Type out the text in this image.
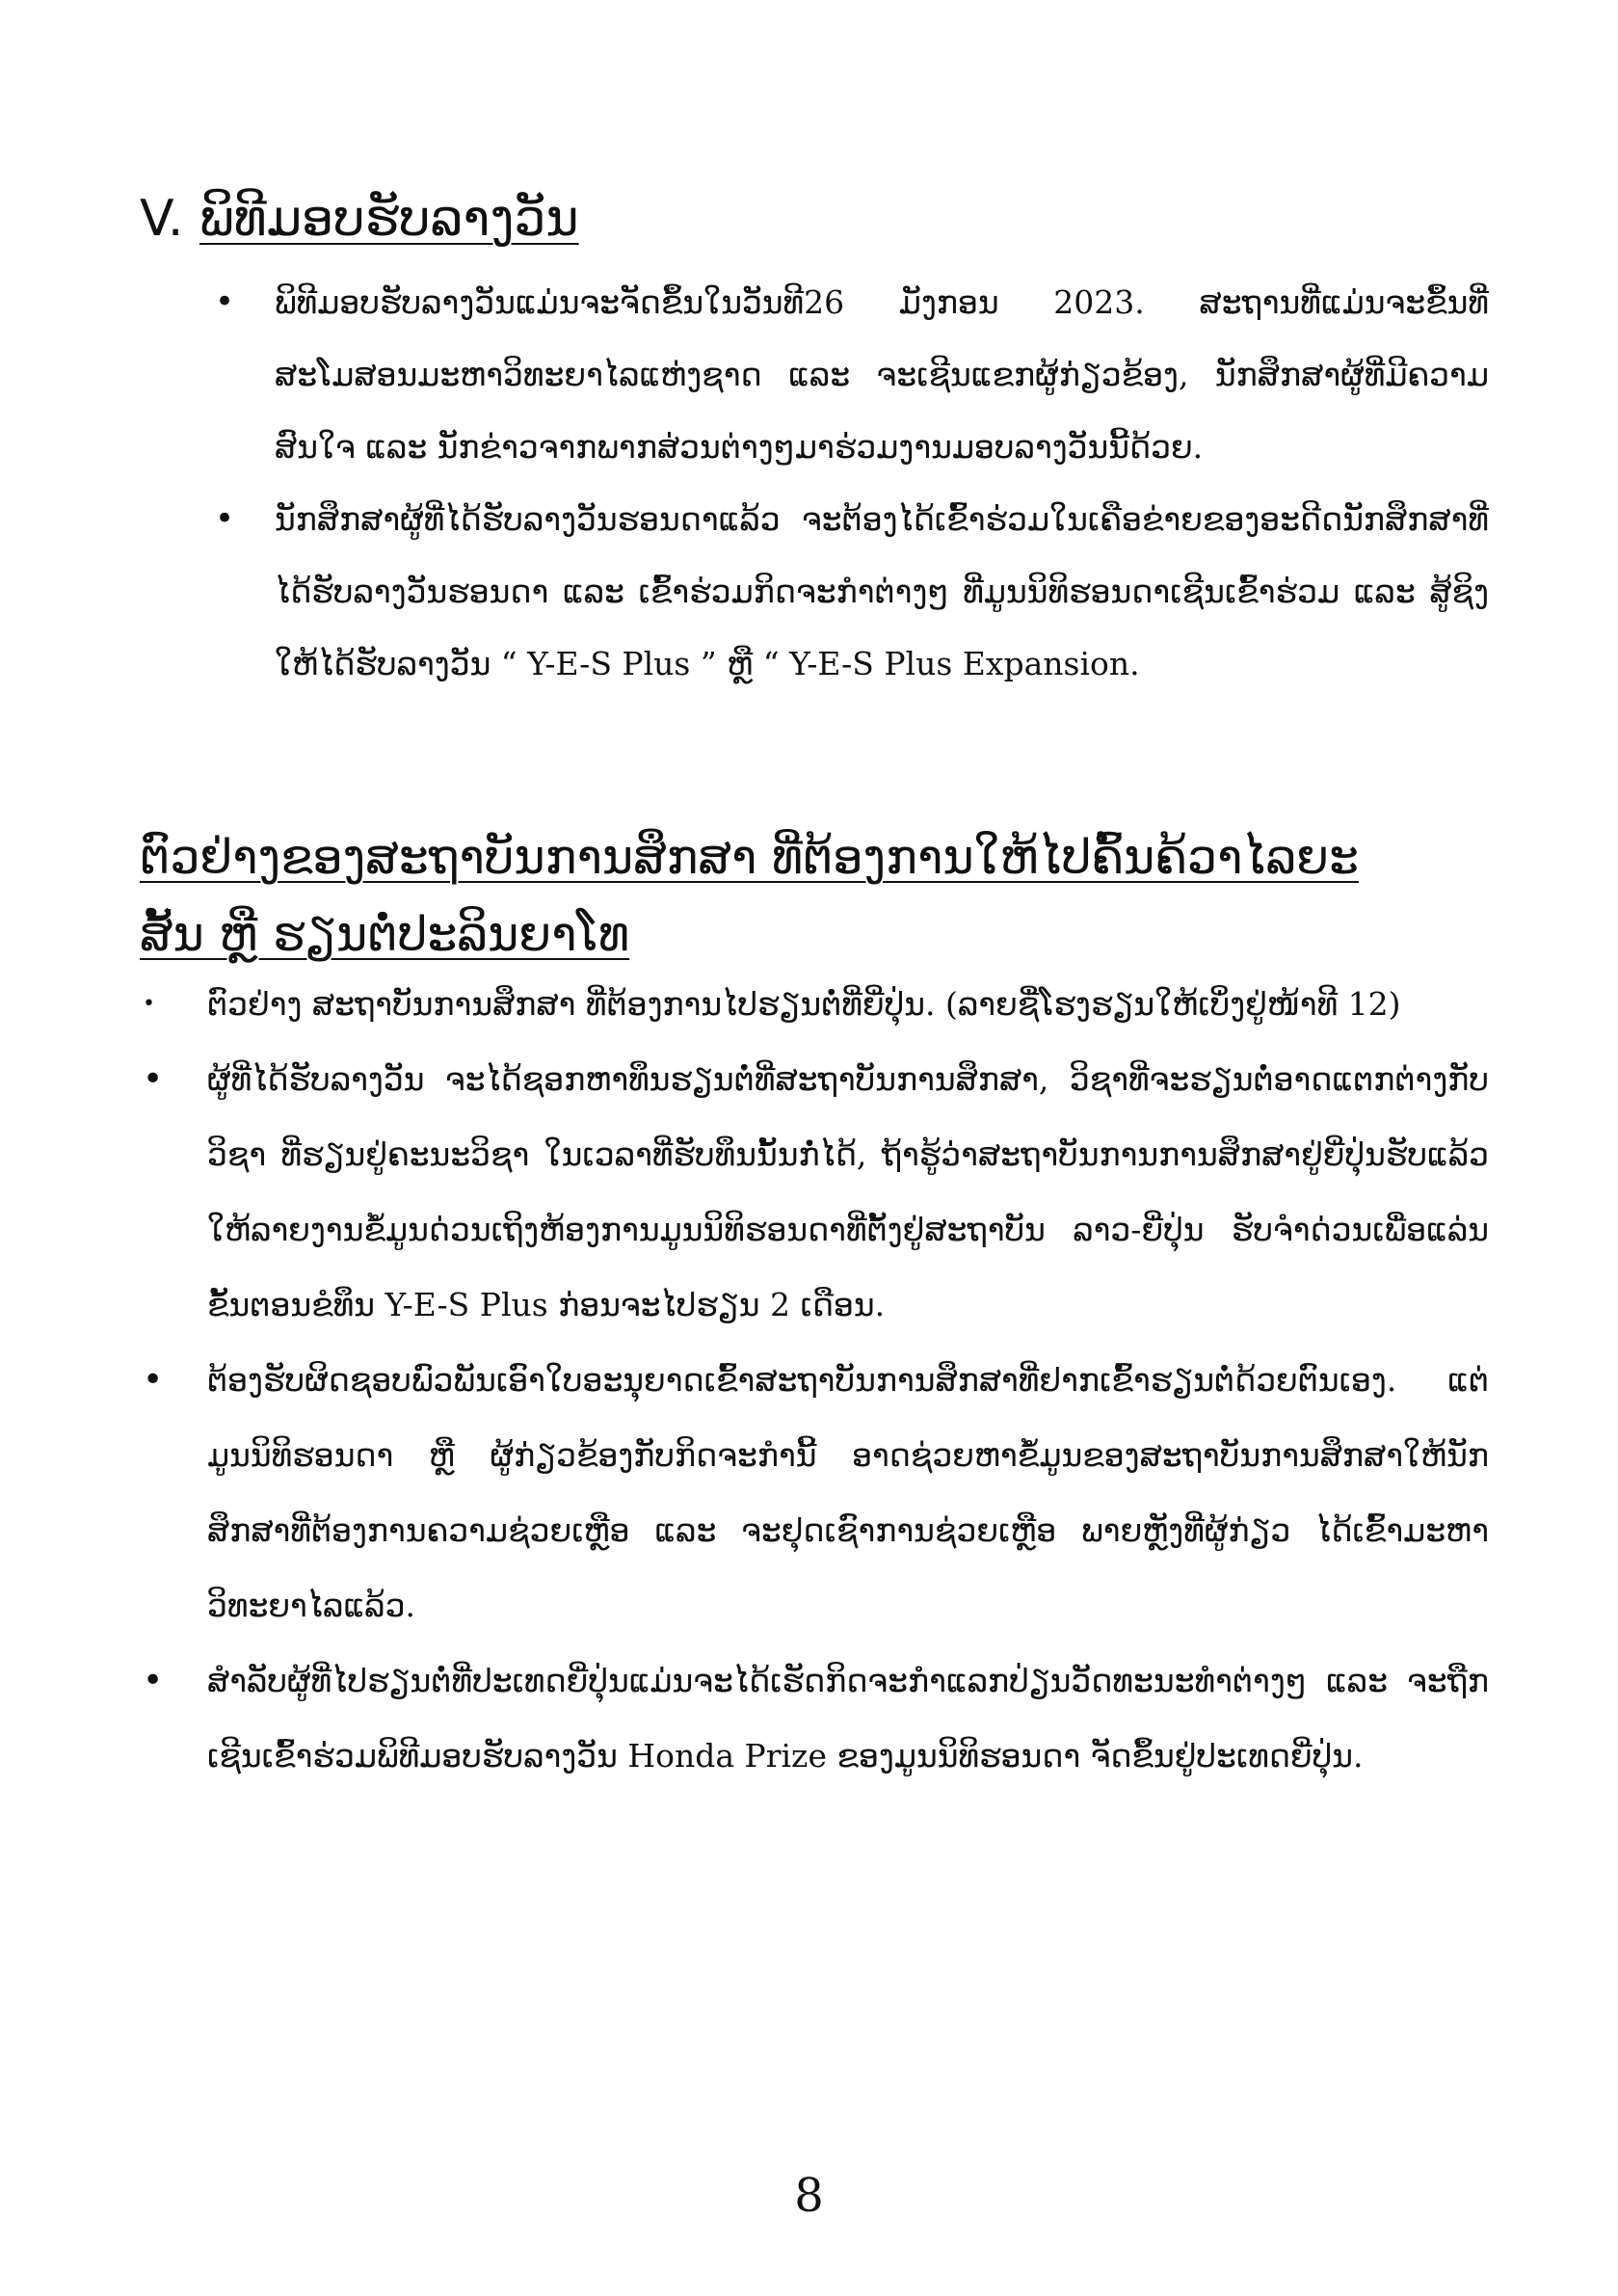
V. ພິທີມອບຮັບລາງວັນ
• ພິທີມອບຮັບລາງວັນແມ່ນຈະຈັດຂຶ້ນໃນວັນທີ26 ມັງກອນ 2023. ສະຖານທີ່ແມ່ນຈະຂຶ້ນທີ່ສະໂມສອນມະຫາວິທະຍາໄລແຫ່ງຊາດ ແລະ ຈະເຊີນແຂກຜູ້ກ່ຽວຂ້ອງ, ນັກສຶກສາຜູ້ທີ່ມີຄວາມສົນໃຈ ແລະ ນັກຂ່າວຈາກພາກສ່ວນຕ່າງໆມາຮ່ວມງານມອບລາງວັນນີ້ດ້ວຍ.
• ນັກສຶກສາຜູ້ທີ່ໄດ້ຮັບລາງວັນຮອນດາແລ້ວ ຈະຕ້ອງໄດ້ເຂົ້າຮ່ວມໃນເຄືອຂ່າຍຂອງອະດີດນັກສຶກສາທີ່ໄດ້ຮັບລາງວັນຮອນດາ ແລະ ເຂົ້າຮ່ວມກິດຈະກຳຕ່າງໆ ທີ່ມູນນິທິຮອນດາເຊີນເຂົ້າຮ່ວມ ແລະ ສູ້ຊິງໃຫ້ໄດ້ຮັບລາງວັນ “ Y-E-S Plus ” ຫຼື “ Y-E-S Plus Expansion.
ຕົວຢ່າງຂອງສະຖາບັນການສຶກສາ ທີ່ຕ້ອງການໃຫ້ໄປຄົ້ນຄ້ວາໄລຍະ
ສັ້ນ ຫຼື ຮຽນຕໍ່ປະລິນຍາໂທ
• ຕົວຢ່າງ ສະຖາບັນການສຶກສາ ທີ່ຕ້ອງການໄປຮຽນຕໍ່ທີ່ຍີ່ປຸ່ນ. (ລາຍຊື່ໂຮງຮຽນໃຫ້ເບິ່ງຢູ່ໜ້າທີ 12)
• ຜູ້ທີ່ໄດ້ຮັບລາງວັນ ຈະໄດ້ຊອກຫາທຶນຮຽນຕໍ່ທີ່ສະຖາບັນການສຶກສາ, ວິຊາທີ່ຈະຮຽນຕໍ່ອາດແຕກຕ່າງກັບວິຊາ ທີ່ຮຽນຢູ່ຄະນະວິຊາ ໃນເວລາທີ່ຮັບທຶນນັ້ນກໍ່ໄດ້, ຖ້າຮູ້ວ່າສະຖາບັນການການສຶກສາຢູ່ຍີ່ປຸ່ນຮັບແລ້ວໃຫ້ລາຍງານຂໍ້ມູນດ່ວນເຖິງຫ້ອງການມູນນິທິຮອນດາທີ່ຕັ້ງຢູ່ສະຖາບັນ ລາວ-ຍີ່ປຸ່ນ ຮັບຈຳດ່ວນເພື່ອແລ່ນຂັ້ນຕອນຂໍທຶນ Y-E-S Plus ກ່ອນຈະໄປຮຽນ 2 ເດືອນ.
• ຕ້ອງຮັບຜິດຊອບພົວພັນເອົາໃບອະນຸຍາດເຂົ້າສະຖາບັນການສຶກສາທີ່ຢາກເຂົ້າຮຽນຕໍ່ດ້ວຍຕົນເອງ. ແຕ່ມູນນິທິຮອນດາ ຫຼື ຜູ້ກ່ຽວຂ້ອງກັບກິດຈະກຳນີ້ ອາດຊ່ວຍຫາຂໍ້ມູນຂອງສະຖາບັນການສຶກສາໃຫ້ນັກສຶກສາທີ່ຕ້ອງການຄວາມຊ່ວຍເຫຼືອ ແລະ ຈະຢຸດເຊົາການຊ່ວຍເຫຼືອ ພາຍຫຼັງທີ່ຜູ້ກ່ຽວ ໄດ້ເຂົ້າມະຫາວິທະຍາໄລແລ້ວ.
• ສຳລັບຜູ້ທີ່ໄປຮຽນຕໍ່ທີ່ປະເທດຍີ່ປຸ່ນແມ່ນຈະໄດ້ເຮັດກິດຈະກຳແລກປ່ຽນວັດທະນະທຳຕ່າງໆ ແລະ ຈະຖືກເຊີນເຂົ້າຮ່ວມພິທີມອບຮັບລາງວັນ Honda Prize ຂອງມູນນິທິຮອນດາ ຈັດຂຶ້ນຢູ່ປະເທດຍີ່ປຸ່ນ.
8
